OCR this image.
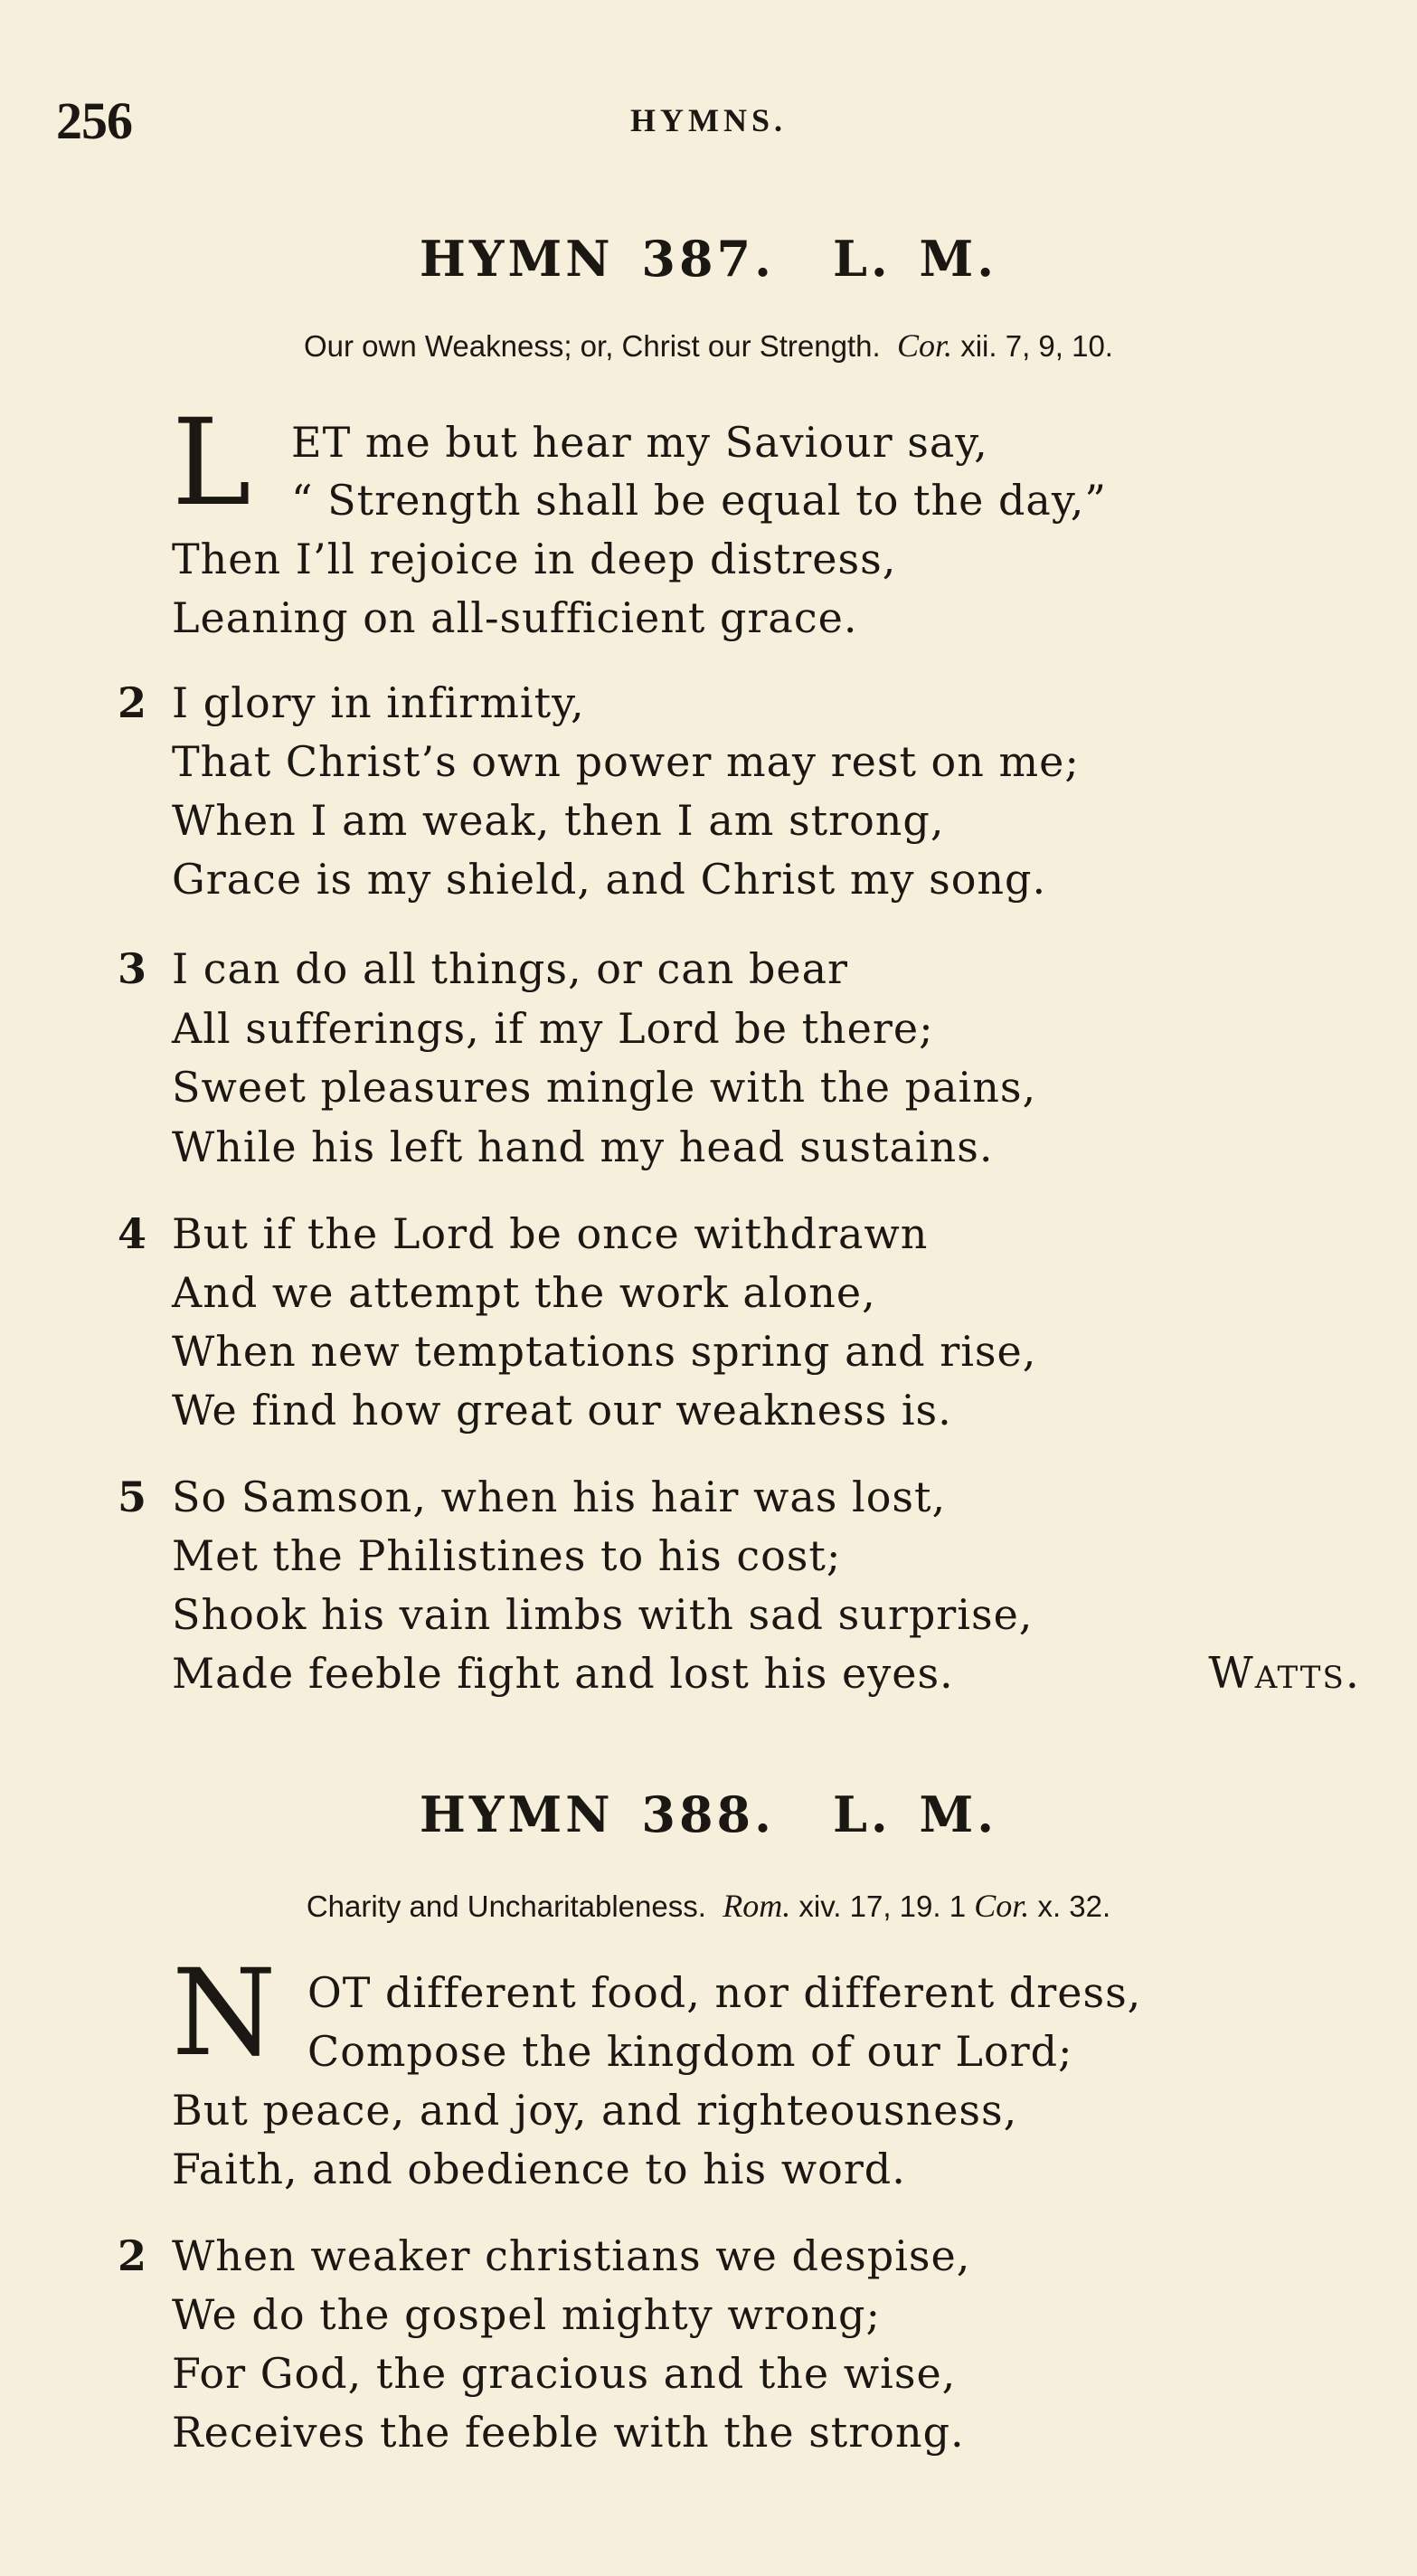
256	HYMNS.
HYMN 387. L. M.
Our own Weakness; or, Christ our Strength. Cor. xii. 7, 9, 10.
L ET me but hear my Saviour say,
“ Strength shall be equal to the day,”
Then I’ll rejoice in deep distress,
Leaning on all-sufficient grace.
2 I glory in infirmity,
That Christ’s own power may rest on me;
When I am weak, then I am strong,
Grace is my shield, and Christ my song.
3 I can do all things, or can bear
All sufferings, if my Lord be there;
Sweet pleasures mingle with the pains,
While his left hand my head sustains.
4 But if the Lord be once withdrawn
And we attempt the work alone,
When new temptations spring and rise,
We find how great our weakness is.
5 So Samson, when his hair was lost,
Met the Philistines to his cost;
Shook his vain limbs with sad surprise,
Made feeble fight and lost his eyes.	Watts.
HYMN 388. L. M.
Charity and Uncharitableness. Rom. xiv. 17, 19. 1 Cor. x. 32.
N OT different food, nor different dress,
Compose the kingdom of our Lord;
But peace, and joy, and righteousness,
Faith, and obedience to his word.
2 When weaker christians we despise,
We do the gospel mighty wrong;
For God, the gracious and the wise,
Receives the feeble with the strong.
